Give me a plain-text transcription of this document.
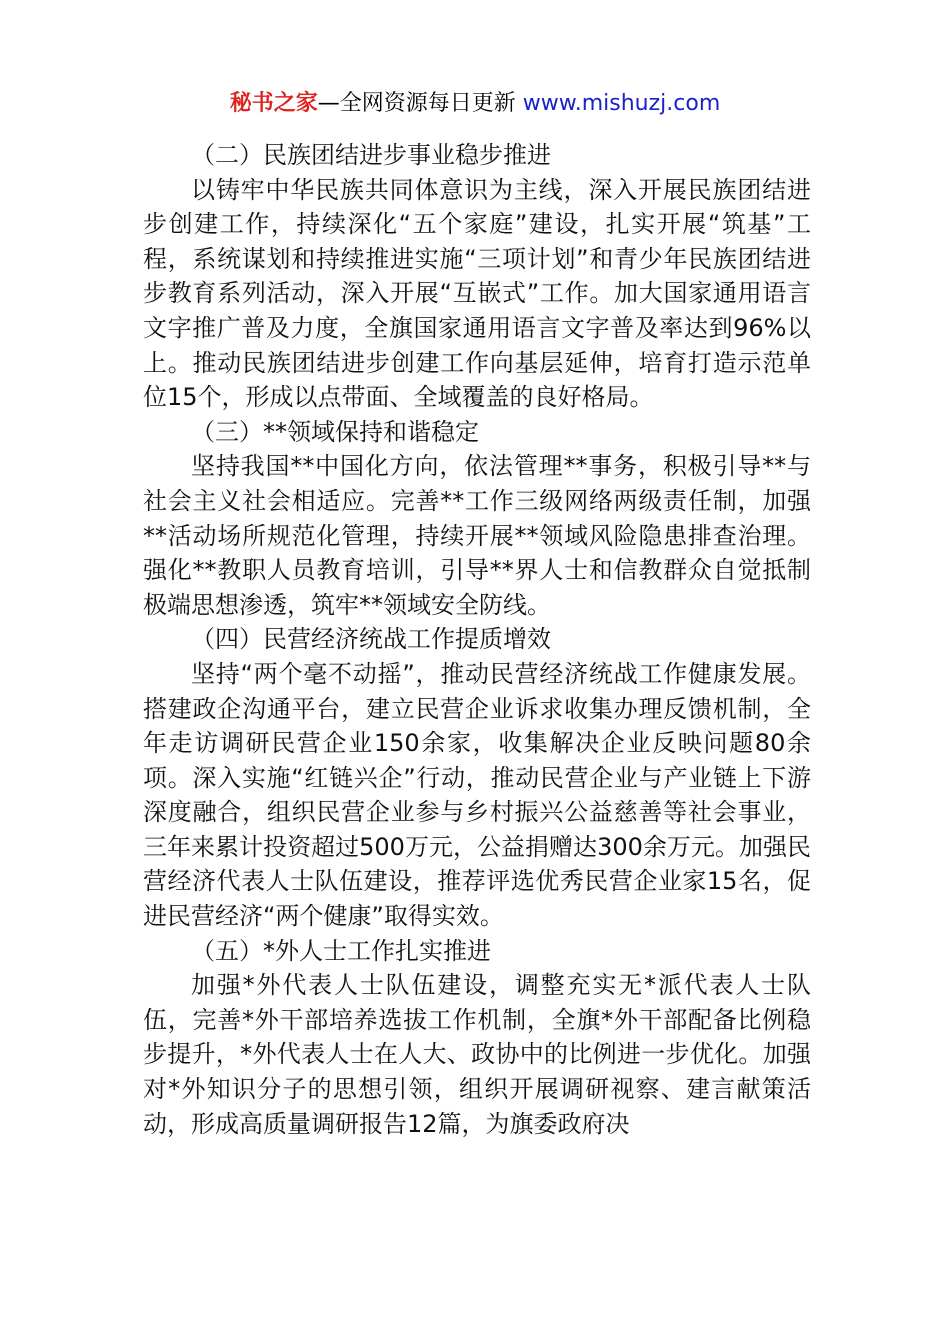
秘书之家—全网资源每日更新 www.mishuzj.com

（二）民族团结进步事业稳步推进

以铸牢中华民族共同体意识为主线，深入开展民族团结进步创建工作，持续深化“五个家庭”建设，扎实开展“筑基”工程，系统谋划和持续推进实施“三项计划”和青少年民族团结进步教育系列活动，深入开展“互嵌式”工作。加大国家通用语言文字推广普及力度，全旗国家通用语言文字普及率达到96%以上。推动民族团结进步创建工作向基层延伸，培育打造示范单位15个，形成以点带面、全域覆盖的良好格局。

（三）**领域保持和谐稳定

坚持我国**中国化方向，依法管理**事务，积极引导**与社会主义社会相适应。完善**工作三级网络两级责任制，加强**活动场所规范化管理，持续开展**领域风险隐患排查治理。强化**教职人员教育培训，引导**界人士和信教群众自觉抵制极端思想渗透，筑牢**领域安全防线。

（四）民营经济统战工作提质增效

坚持“两个毫不动摇”，推动民营经济统战工作健康发展。搭建政企沟通平台，建立民营企业诉求收集办理反馈机制，全年走访调研民营企业150余家，收集解决企业反映问题80余项。深入实施“红链兴企”行动，推动民营企业与产业链上下游深度融合，组织民营企业参与乡村振兴公益慈善等社会事业，三年来累计投资超过500万元，公益捐赠达300余万元。加强民营经济代表人士队伍建设，推荐评选优秀民营企业家15名，促进民营经济“两个健康”取得实效。

（五）*外人士工作扎实推进

加强*外代表人士队伍建设，调整充实无*派代表人士队伍，完善*外干部培养选拔工作机制，全旗*外干部配备比例稳步提升，*外代表人士在人大、政协中的比例进一步优化。加强对*外知识分子的思想引领，组织开展调研视察、建言献策活动，形成高质量调研报告12篇，为旗委政府决
